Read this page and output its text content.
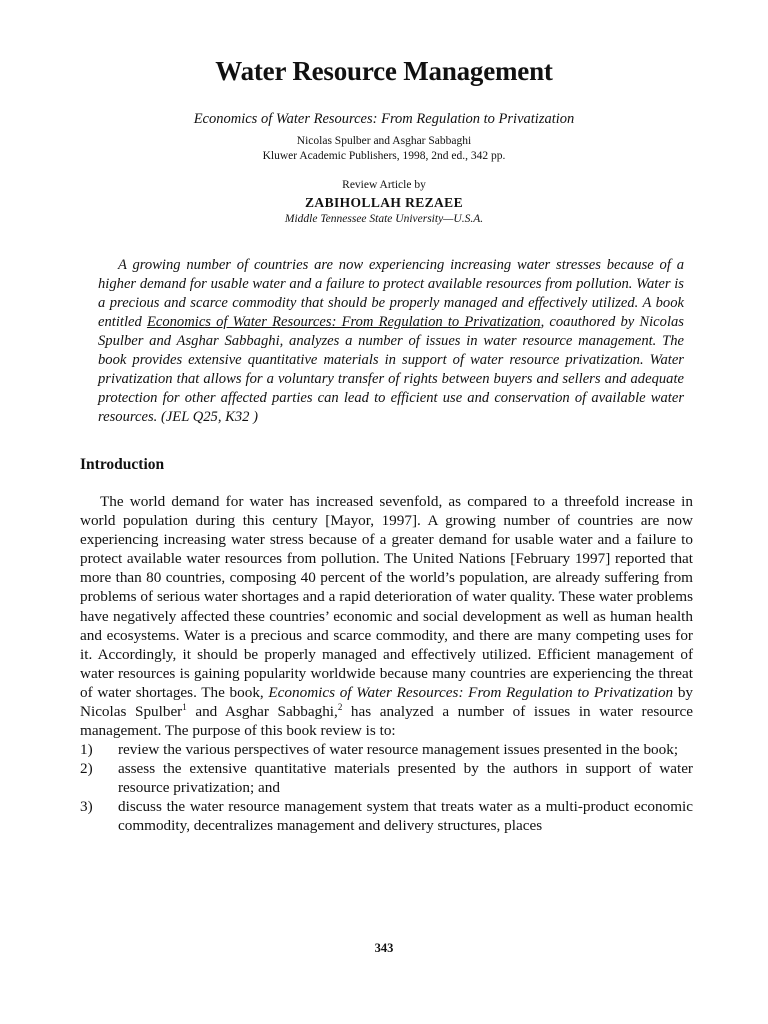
Water Resource Management
Economics of Water Resources: From Regulation to Privatization
Nicolas Spulber and Asghar Sabbaghi
Kluwer Academic Publishers, 1998, 2nd ed., 342 pp.
Review Article by
ZABIHOLLAH REZAEE
Middle Tennessee State University—U.S.A.
A growing number of countries are now experiencing increasing water stresses because of a higher demand for usable water and a failure to protect available resources from pollution. Water is a precious and scarce commodity that should be properly managed and effectively utilized. A book entitled Economics of Water Resources: From Regulation to Privatization, coauthored by Nicolas Spulber and Asghar Sabbaghi, analyzes a number of issues in water resource management. The book provides extensive quantitative materials in support of water resource privatization. Water privatization that allows for a voluntary transfer of rights between buyers and sellers and adequate protection for other affected parties can lead to efficient use and conservation of available water resources. (JEL Q25, K32 )
Introduction
The world demand for water has increased sevenfold, as compared to a threefold increase in world population during this century [Mayor, 1997]. A growing number of countries are now experiencing increasing water stress because of a greater demand for usable water and a failure to protect available water resources from pollution. The United Nations [February 1997] reported that more than 80 countries, composing 40 percent of the world’s population, are already suffering from problems of serious water shortages and a rapid deterioration of water quality. These water problems have negatively affected these countries’ economic and social development as well as human health and ecosystems. Water is a precious and scarce commodity, and there are many competing uses for it. Accordingly, it should be properly managed and effectively utilized. Efficient management of water resources is gaining popularity worldwide because many countries are experiencing the threat of water shortages. The book, Economics of Water Resources: From Regulation to Privatization by Nicolas Spulber$^1$ and Asghar Sabbaghi,$^2$ has analyzed a number of issues in water resource management. The purpose of this book review is to:
1) review the various perspectives of water resource management issues presented in the book;
2) assess the extensive quantitative materials presented by the authors in support of water resource privatization; and
3) discuss the water resource management system that treats water as a multi-product economic commodity, decentralizes management and delivery structures, places
343
